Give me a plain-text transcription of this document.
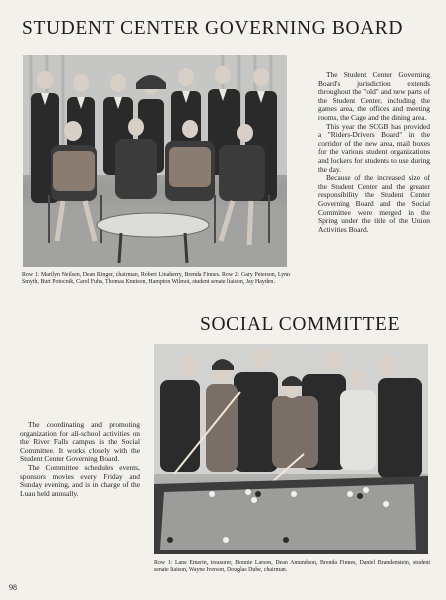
STUDENT CENTER GOVERNING BOARD

The Student Center Governing Board's jurisdiction extends throughout the "old" and new parts of the Student Center, including the games area, the offices and meeting rooms, the Cage and the dining area.

This year the SCGB has provided a "Riders-Drivers Board" in the corridor of the new area, mail boxes for the various student organizations and lockers for students to use during the day.

Because of the increased size of the Student Center and the greater responsibility the Student Center Governing Board and the Social Committee were merged in the Spring under the title of the Union Activities Board.

Row 1: Marilyn Neilsen, Dean Ringer, chairman, Robert Linaberry, Brenda Finnes. Row 2: Gary Peterson, Lynn Smyth, Burt Potocnik, Carol Fuhs, Thomas Knutson, Hampton Wilmot, student senate liaison, Jay Hayden.
SOCIAL COMMITTEE

The coordinating and promoting organization for all-school activities on the River Falls campus is the Social Committee. It works closely with the Student Center Governing Board.

The Committee schedules events, sponsors movies every Friday and Sunday evening, and is in charge of the Luau held annually.

Row 1: Lane Emerin, treasurer, Bonnie Larson, Dean Amundson, Brenda Finnes, Daniel Brandenstein, student senate liaison, Wayne Iverson, Douglas Dube, chairman.
98
